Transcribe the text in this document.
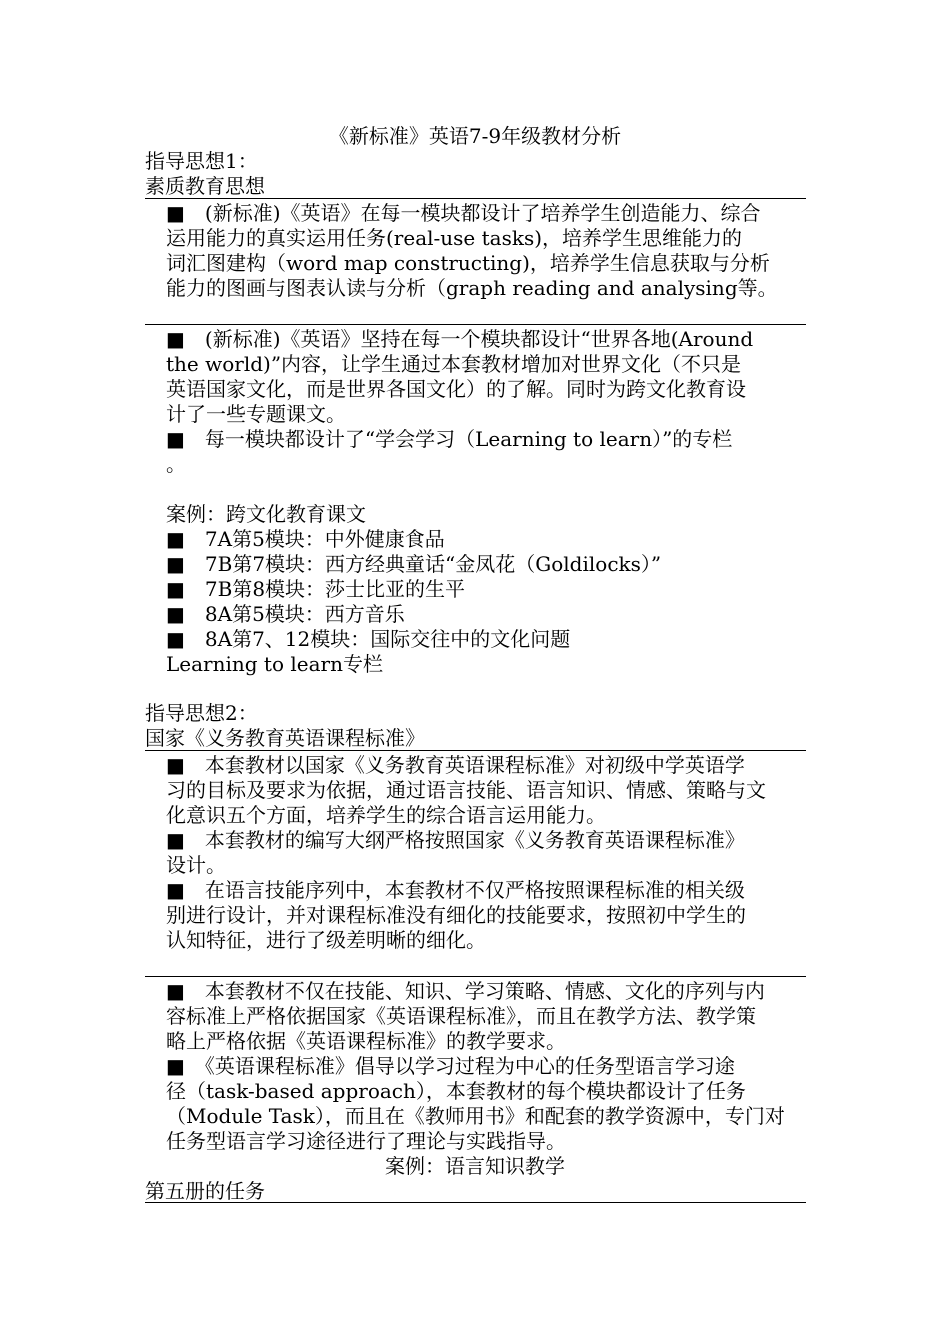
《新标准》英语7-9年级教材分析
指导思想1：
素质教育思想
■　(新标准)《英语》在每一模块都设计了培养学生创造能力、综合
运用能力的真实运用任务(real-use tasks)，培养学生思维能力的
词汇图建构（word map constructing)，培养学生信息获取与分析
能力的图画与图表认读与分析（graph reading and analysing等。
■　(新标准)《英语》坚持在每一个模块都设计“世界各地(Around
the world)”内容，让学生通过本套教材增加对世界文化（不只是
英语国家文化，而是世界各国文化）的了解。同时为跨文化教育设
计了一些专题课文。
■　每一模块都设计了“学会学习（Learning to learn）”的专栏
。
案例：跨文化教育课文
■　7A第5模块：中外健康食品
■　7B第7模块：西方经典童话“金凤花（Goldilocks）”
■　7B第8模块：莎士比亚的生平
■　8A第5模块：西方音乐
■　8A第7、12模块：国际交往中的文化问题
Learning to learn专栏
指导思想2：
国家《义务教育英语课程标准》
■　本套教材以国家《义务教育英语课程标准》对初级中学英语学
习的目标及要求为依据，通过语言技能、语言知识、情感、策略与文
化意识五个方面，培养学生的综合语言运用能力。
■　本套教材的编写大纲严格按照国家《义务教育英语课程标准》
设计。
■　在语言技能序列中，本套教材不仅严格按照课程标准的相关级
别进行设计，并对课程标准没有细化的技能要求，按照初中学生的
认知特征，进行了级差明晰的细化。
■　本套教材不仅在技能、知识、学习策略、情感、文化的序列与内
容标准上严格依据国家《英语课程标准》，而且在教学方法、教学策
略上严格依据《英语课程标准》的教学要求。
■　《英语课程标准》倡导以学习过程为中心的任务型语言学习途
径（task-based approach），本套教材的每个模块都设计了任务
（Module Task），而且在《教师用书》和配套的教学资源中，专门对
任务型语言学习途径进行了理论与实践指导。
案例：语言知识教学
第五册的任务
